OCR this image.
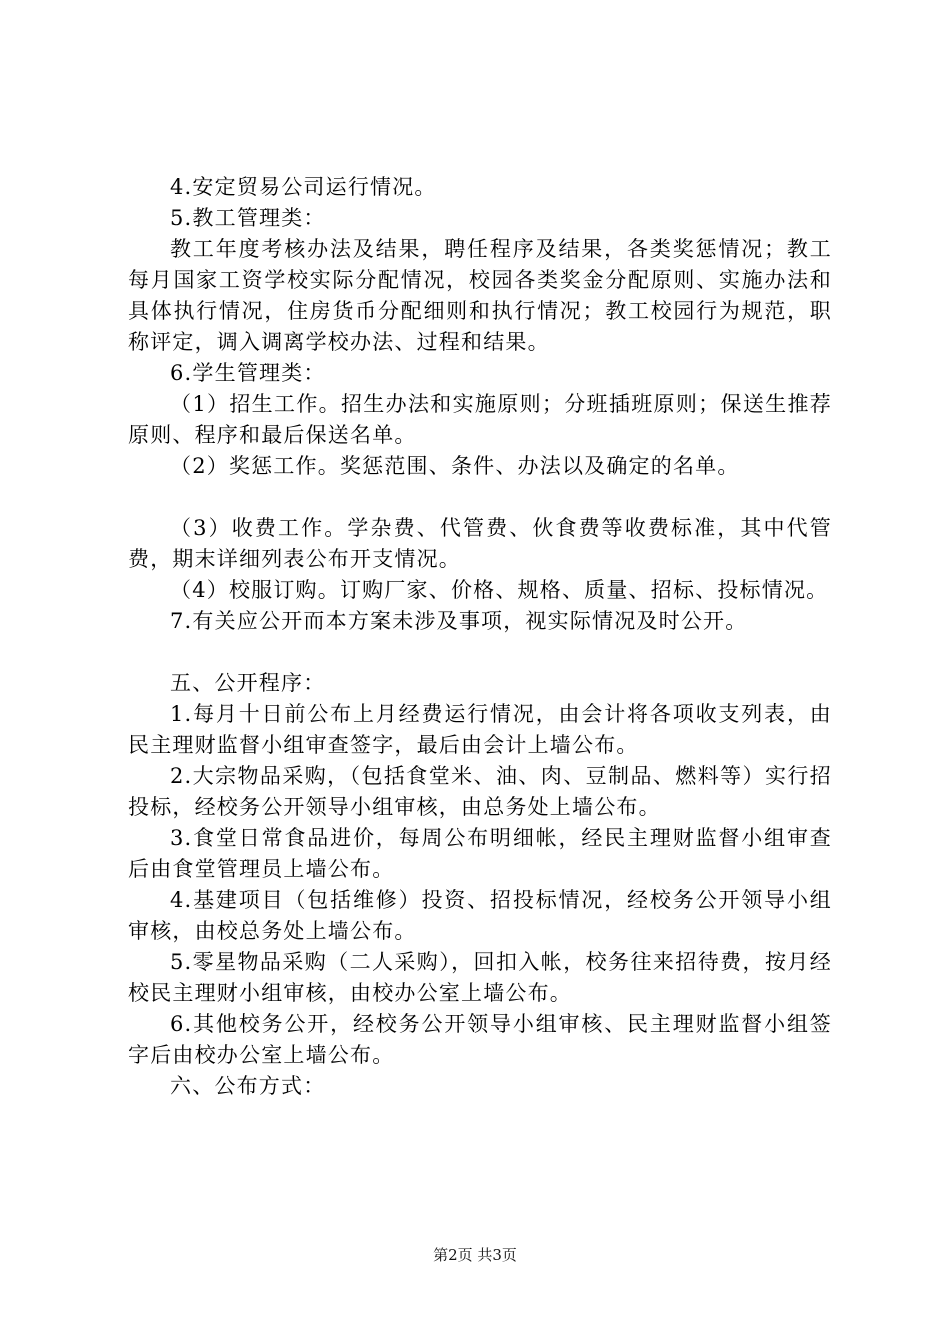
4.安定贸易公司运行情况。

5.教工管理类：

教工年度考核办法及结果，聘任程序及结果，各类奖惩情况；教工每月国家工资学校实际分配情况，校园各类奖金分配原则、实施办法和具体执行情况，住房货币分配细则和执行情况；教工校园行为规范，职称评定，调入调离学校办法、过程和结果。

6.学生管理类：

（1）招生工作。招生办法和实施原则；分班插班原则；保送生推荐原则、程序和最后保送名单。

（2）奖惩工作。奖惩范围、条件、办法以及确定的名单。

（3）收费工作。学杂费、代管费、伙食费等收费标准，其中代管费，期末详细列表公布开支情况。

（4）校服订购。订购厂家、价格、规格、质量、招标、投标情况。

7.有关应公开而本方案未涉及事项，视实际情况及时公开。

五、公开程序：

1.每月十日前公布上月经费运行情况，由会计将各项收支列表，由民主理财监督小组审查签字，最后由会计上墙公布。

2.大宗物品采购，（包括食堂米、油、肉、豆制品、燃料等）实行招投标，经校务公开领导小组审核，由总务处上墙公布。

3.食堂日常食品进价，每周公布明细帐，经民主理财监督小组审查后由食堂管理员上墙公布。

4.基建项目（包括维修）投资、招投标情况，经校务公开领导小组审核，由校总务处上墙公布。

5.零星物品采购（二人采购），回扣入帐，校务往来招待费，按月经校民主理财小组审核，由校办公室上墙公布。

6.其他校务公开，经校务公开领导小组审核、民主理财监督小组签字后由校办公室上墙公布。

六、公布方式：

第2页 共3页
